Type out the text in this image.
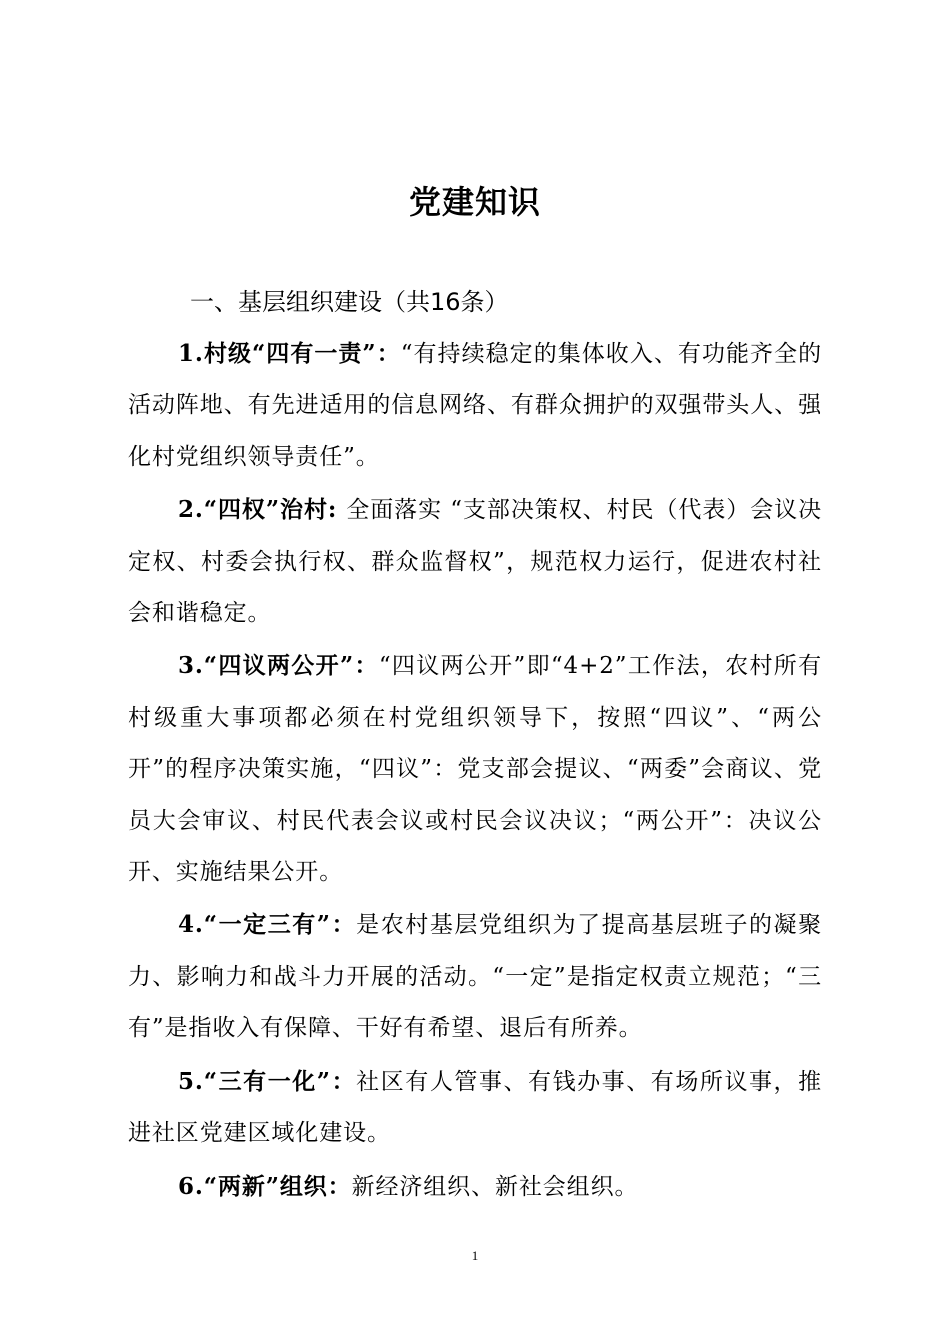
党建知识
一、基层组织建设（共16条）

1.村级“四有一责”：“有持续稳定的集体收入、有功能齐全的活动阵地、有先进适用的信息网络、有群众拥护的双强带头人、强化村党组织领导责任”。

2.“四权”治村: 全面落实 “支部决策权、村民（代表）会议决定权、村委会执行权、群众监督权”，规范权力运行，促进农村社会和谐稳定。

3.“四议两公开”：“四议两公开”即“4+2”工作法，农村所有村级重大事项都必须在村党组织领导下，按照“四议”、“两公开”的程序决策实施，“四议”：党支部会提议、“两委”会商议、党员大会审议、村民代表会议或村民会议决议；“两公开”：决议公开、实施结果公开。

4.“一定三有”：是农村基层党组织为了提高基层班子的凝聚力、影响力和战斗力开展的活动。“一定”是指定权责立规范；“三有”是指收入有保障、干好有希望、退后有所养。

5.“三有一化”：社区有人管事、有钱办事、有场所议事，推进社区党建区域化建设。

6.“两新”组织：新经济组织、新社会组织。

1
